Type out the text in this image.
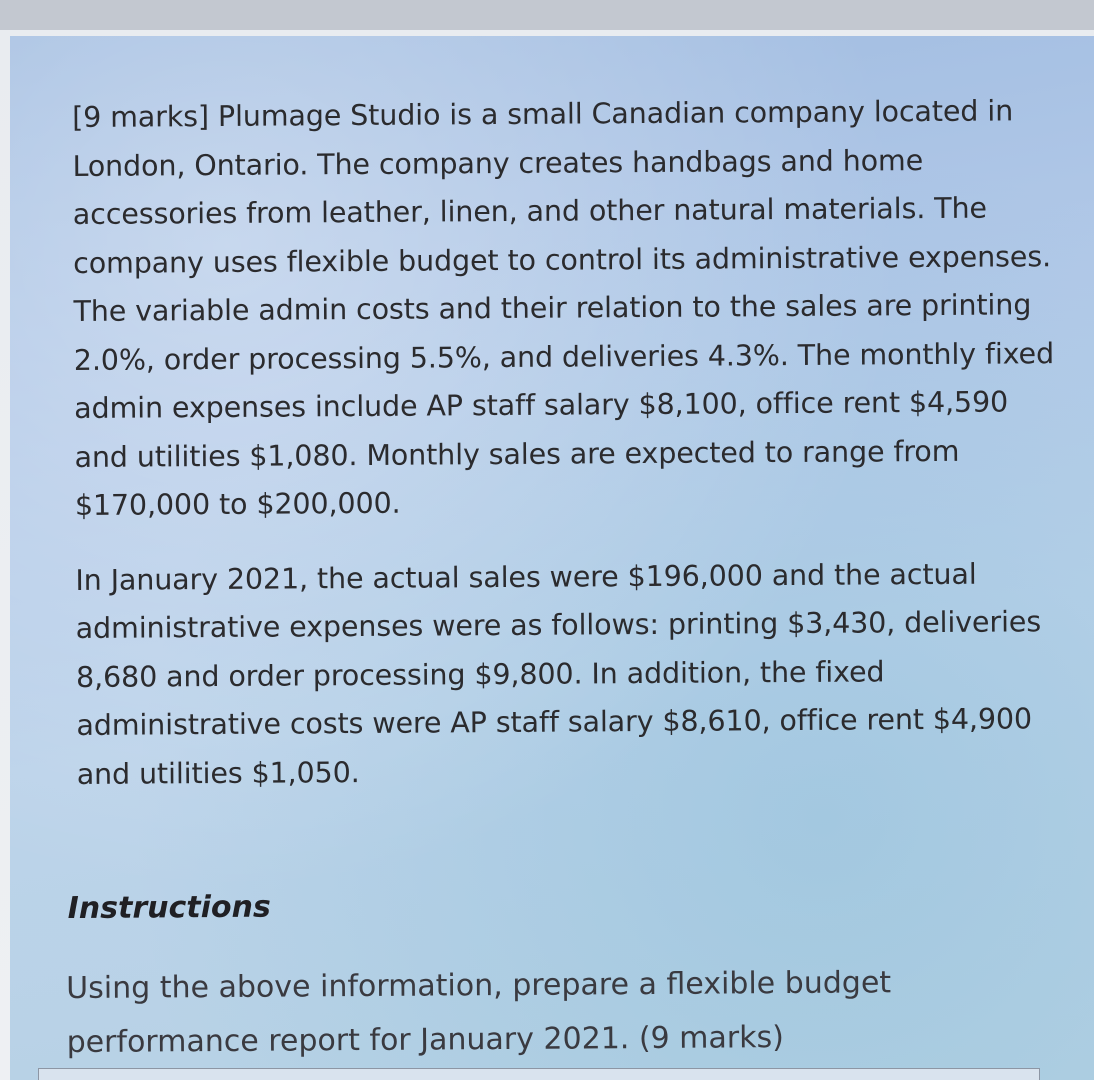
[9 marks] Plumage Studio is a small Canadian company located in London, Ontario. The company creates handbags and home accessories from leather, linen, and other natural materials. The company uses flexible budget to control its administrative expenses. The variable admin costs and their relation to the sales are printing 2.0%, order processing 5.5%, and deliveries 4.3%. The monthly fixed admin expenses include AP staff salary $8,100, office rent $4,590 and utilities $1,080. Monthly sales are expected to range from $170,000 to $200,000.

In January 2021, the actual sales were $196,000 and the actual administrative expenses were as follows: printing $3,430, deliveries 8,680 and order processing $9,800. In addition, the fixed administrative costs were AP staff salary $8,610, office rent $4,900 and utilities $1,050.

Instructions
Using the above information, prepare a flexible budget performance report for January 2021. (9 marks)
